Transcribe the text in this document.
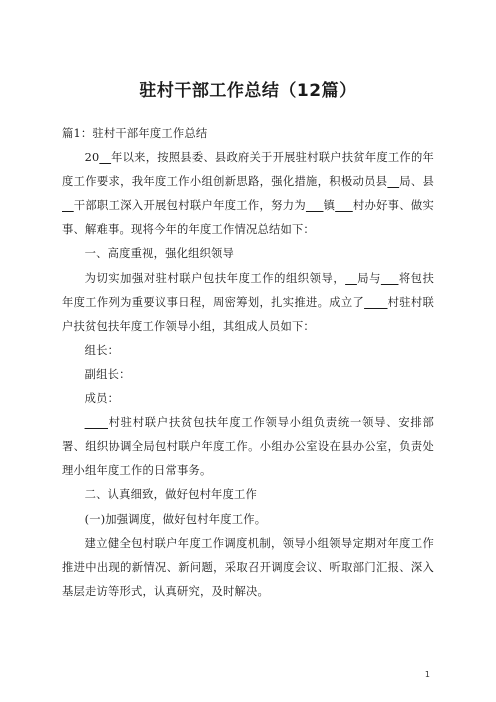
驻村干部工作总结（12篇）

篇1：驻村干部年度工作总结

20__年以来，按照县委、县政府关于开展驻村联户扶贫年度工作的年度工作要求，我年度工作小组创新思路，强化措施，积极动员县__局、县__干部职工深入开展包村联户年度工作，努力为___镇___村办好事、做实事、解难事。现将今年的年度工作情况总结如下：

一、高度重视，强化组织领导

为切实加强对驻村联户包扶年度工作的组织领导，__局与___将包扶年度工作列为重要议事日程，周密筹划，扎实推进。成立了____村驻村联户扶贫包扶年度工作领导小组，其组成人员如下：

组长：

副组长：

成员：

____村驻村联户扶贫包扶年度工作领导小组负责统一领导、安排部署、组织协调全局包村联户年度工作。小组办公室设在县办公室，负责处理小组年度工作的日常事务。

二、认真细致，做好包村年度工作

(一)加强调度，做好包村年度工作。

建立健全包村联户年度工作调度机制，领导小组领导定期对年度工作推进中出现的新情况、新问题，采取召开调度会议、听取部门汇报、深入基层走访等形式，认真研究，及时解决。

1
